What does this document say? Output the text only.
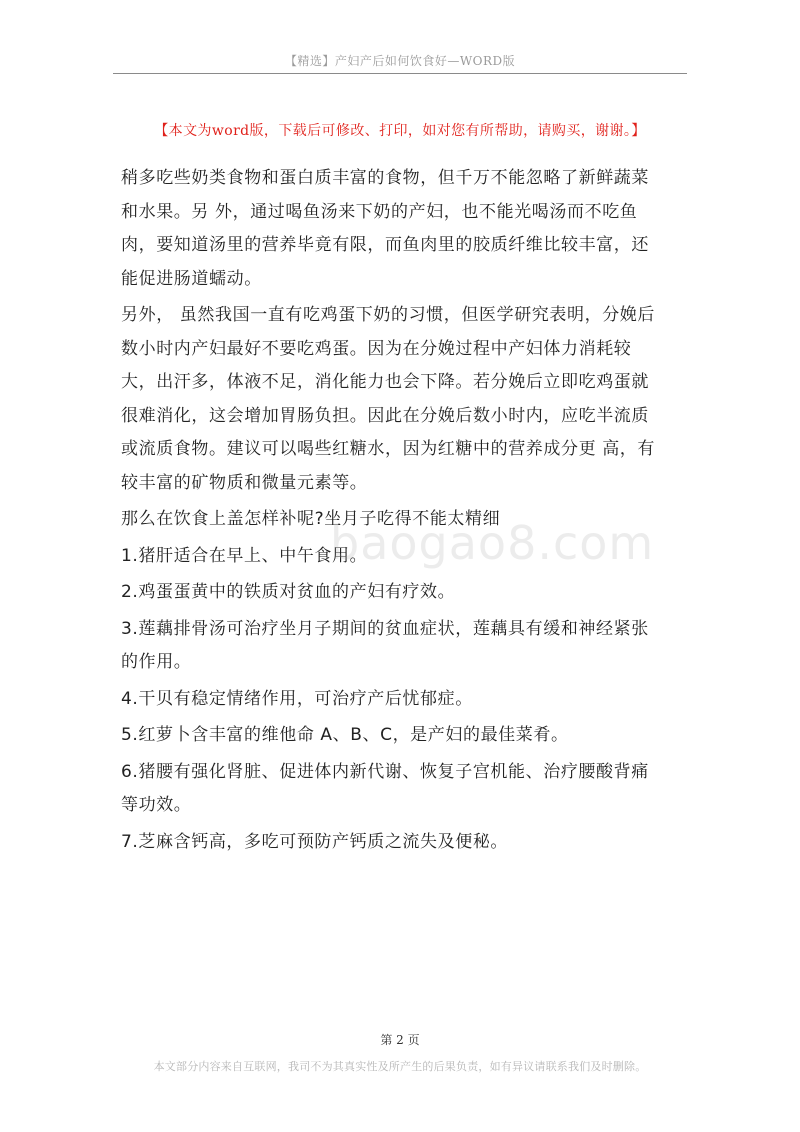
【精选】产妇产后如何饮食好—WORD版
【本文为word版，下载后可修改、打印，如对您有所帮助，请购买，谢谢。】

稍多吃些奶类食物和蛋白质丰富的食物，但千万不能忽略了新鲜蔬菜和水果。另 外，通过喝鱼汤来下奶的产妇，也不能光喝汤而不吃鱼肉，要知道汤里的营养毕竟有限，而鱼肉里的胶质纤维比较丰富，还能促进肠道蠕动。

另外， 虽然我国一直有吃鸡蛋下奶的习惯，但医学研究表明，分娩后数小时内产妇最好不要吃鸡蛋。因为在分娩过程中产妇体力消耗较大，出汗多，体液不足，消化能力也会下降。若分娩后立即吃鸡蛋就很难消化，这会增加胃肠负担。因此在分娩后数小时内，应吃半流质或流质食物。建议可以喝些红糖水，因为红糖中的营养成分更 高，有较丰富的矿物质和微量元素等。

那么在饮食上盖怎样补呢?坐月子吃得不能太精细

1.猪肝适合在早上、中午食用。

2.鸡蛋蛋黄中的铁质对贫血的产妇有疗效。

3.莲藕排骨汤可治疗坐月子期间的贫血症状，莲藕具有缓和神经紧张的作用。

4.干贝有稳定情绪作用，可治疗产后忧郁症。

5.红萝卜含丰富的维他命 A、B、C，是产妇的最佳菜肴。

6.猪腰有强化肾脏、促进体内新代谢、恢复子宫机能、治疗腰酸背痛等功效。

7.芝麻含钙高，多吃可预防产钙质之流失及便秘。

baogao8.com
第 2 页
本文部分内容来自互联网，我司不为其真实性及所产生的后果负责，如有异议请联系我们及时删除。
